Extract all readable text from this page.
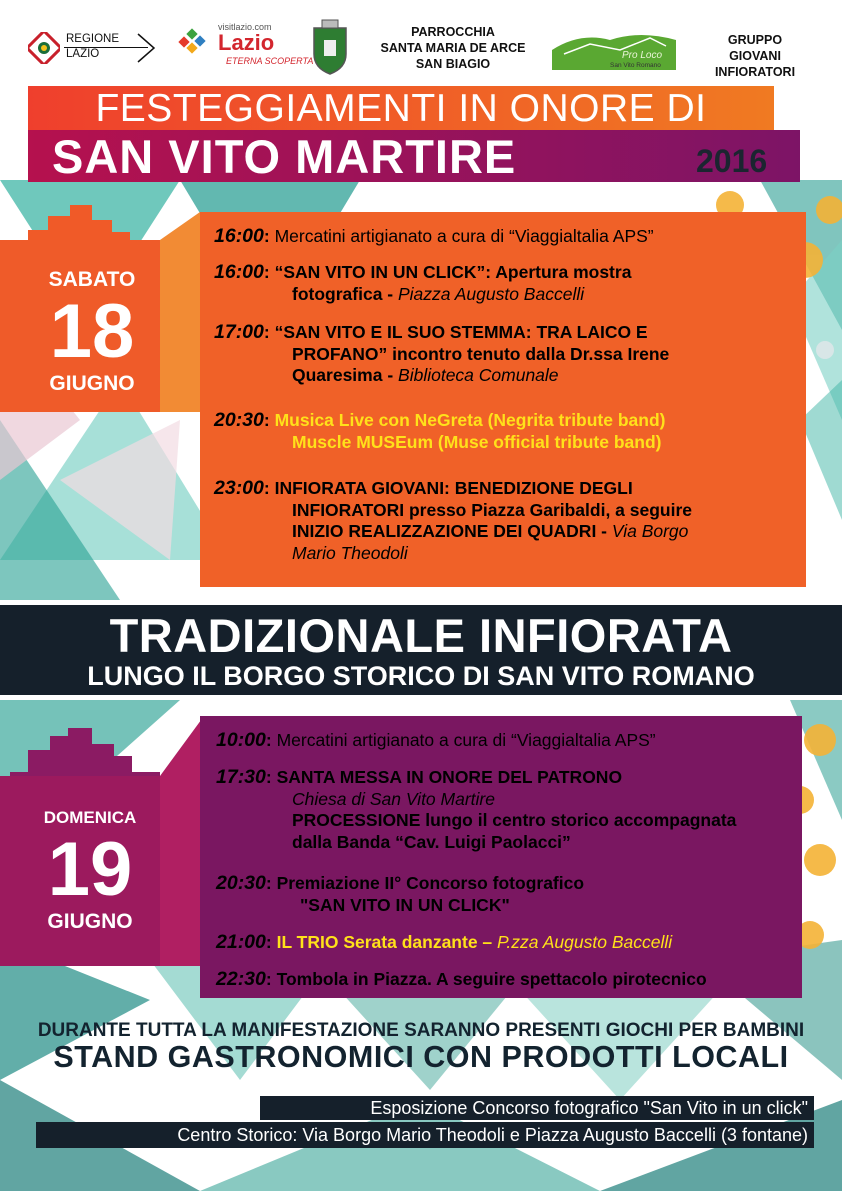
REGIONE
LAZIO
visitlazio.com
Lazio
ETERNA SCOPERTA
PARROCCHIA
SANTA MARIA DE ARCE
SAN BIAGIO
Pro Loco
San Vito Romano
GRUPPO
GIOVANI INFIORATORI
FESTEGGIAMENTI IN ONORE DI
SAN VITO MARTIRE	2016
SABATO
18
GIUGNO
16:00: Mercatini artigianato a cura di “Viaggialtalia APS”
16:00: “SAN VITO IN UN CLICK”: Apertura mostra
fotografica - Piazza Augusto Baccelli
17:00: “SAN VITO E IL SUO STEMMA: TRA LAICO E
PROFANO” incontro tenuto dalla Dr.ssa Irene
Quaresima - Biblioteca Comunale
20:30: Musica Live con NeGreta (Negrita tribute band)
Muscle MUSEum (Muse official tribute band)
23:00: INFIORATA GIOVANI: BENEDIZIONE DEGLI
INFIORATORI presso Piazza Garibaldi, a seguire
INIZIO REALIZZAZIONE DEI QUADRI - Via Borgo
Mario Theodoli
TRADIZIONALE INFIORATA
LUNGO IL BORGO STORICO DI SAN VITO ROMANO
DOMENICA
19
GIUGNO
10:00: Mercatini artigianato a cura di “Viaggialtalia APS”
17:30: SANTA MESSA IN ONORE DEL PATRONO
Chiesa di San Vito Martire
PROCESSIONE lungo il centro storico accompagnata
dalla Banda “Cav. Luigi Paolacci”
20:30: Premiazione II° Concorso fotografico
"SAN VITO IN UN CLICK"
21:00: IL TRIO Serata danzante – P.zza Augusto Baccelli
22:30: Tombola in Piazza. A seguire spettacolo pirotecnico
DURANTE TUTTA LA MANIFESTAZIONE SARANNO PRESENTI GIOCHI PER BAMBINI
STAND GASTRONOMICI CON PRODOTTI LOCALI
Esposizione Concorso fotografico "San Vito in un click"
Centro Storico: Via Borgo Mario Theodoli e Piazza Augusto Baccelli (3 fontane)
